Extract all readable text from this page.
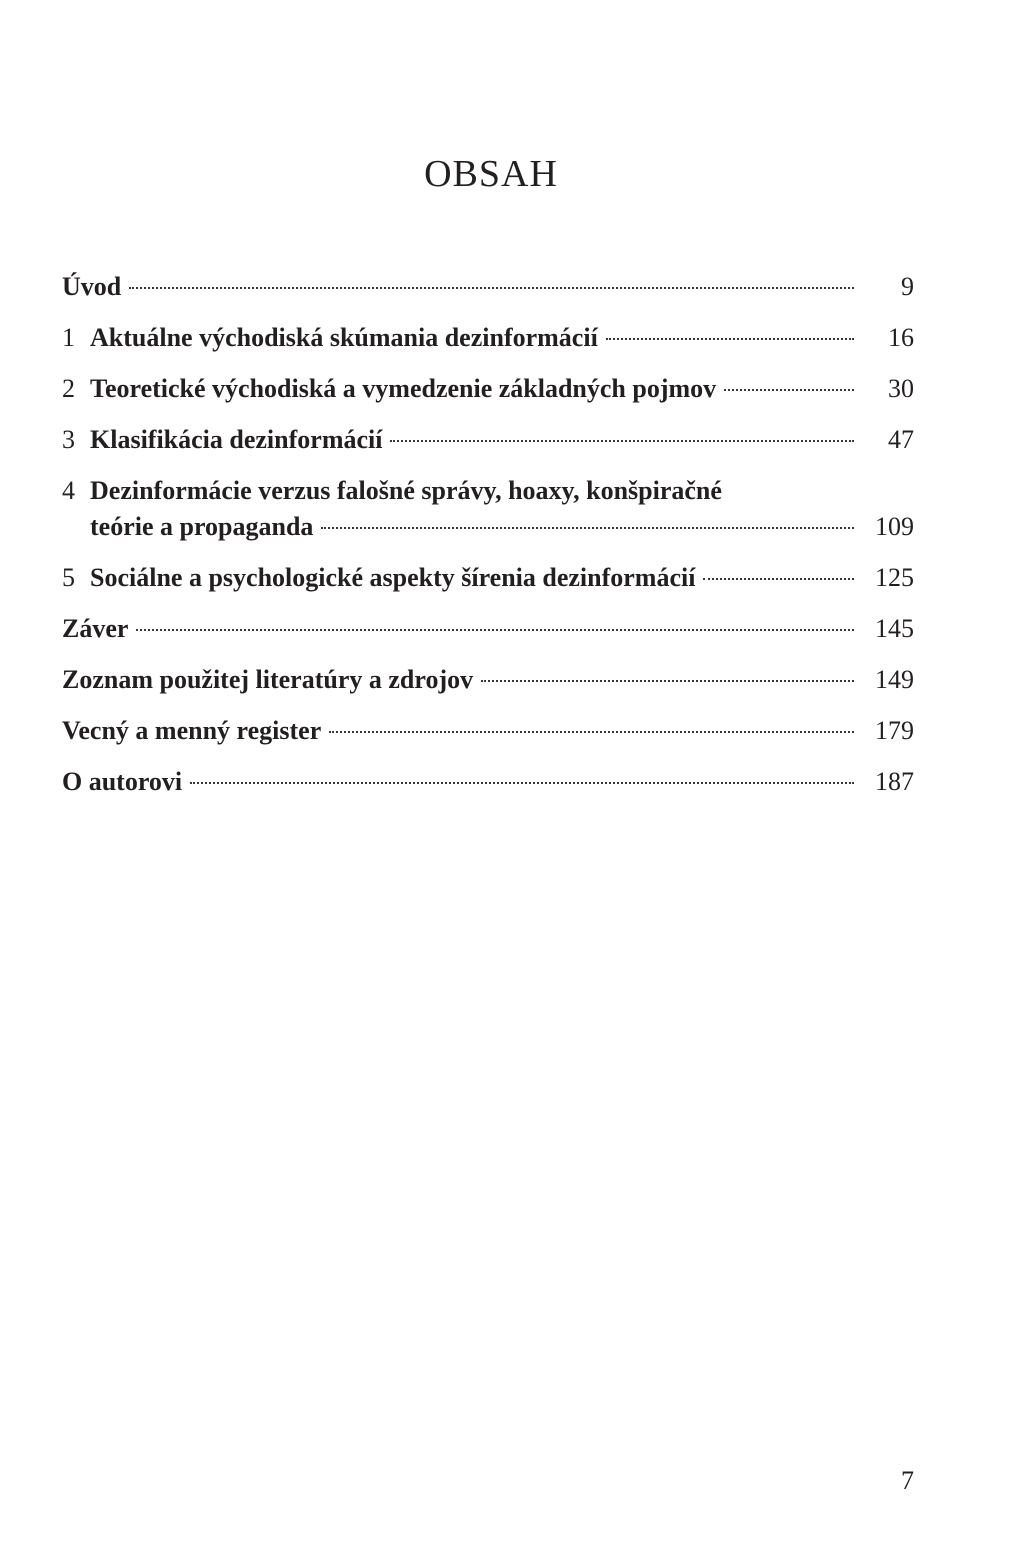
OBSAH
Úvod	9
1 Aktuálne východiská skúmania dezinformácií	16
2 Teoretické východiská a vymedzenie základných pojmov	30
3 Klasifikácia dezinformácií	47
4 Dezinformácie verzus falošné správy, hoaxy, konšpiračné
teórie a propaganda	109
5 Sociálne a psychologické aspekty šírenia dezinformácií	125
Záver	145
Zoznam použitej literatúry a zdrojov	149
Vecný a menný register	179
O autorovi	187
7
